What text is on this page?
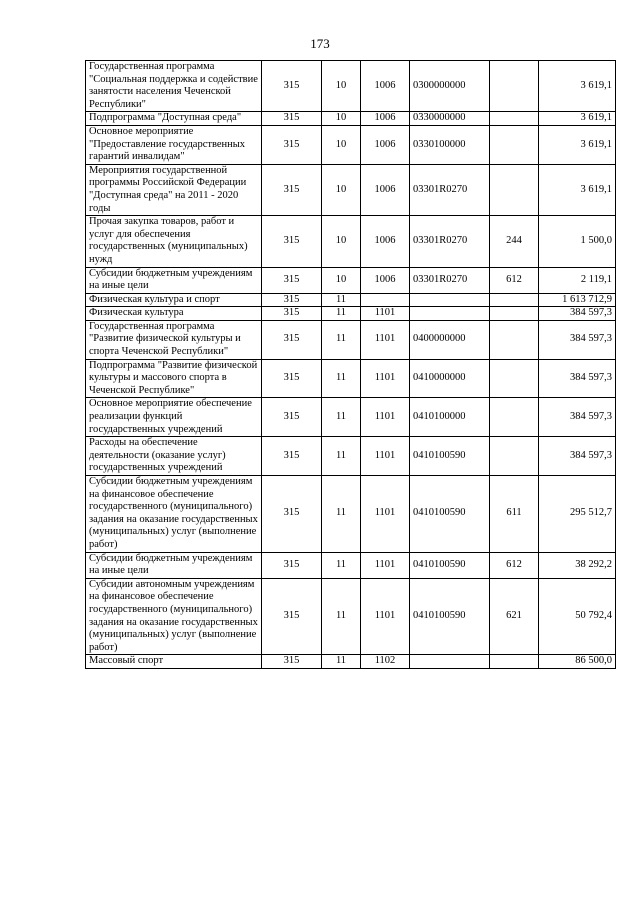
173
Государственная программа "Социальная поддержка и содействие занятости населения Чеченской Республики"	315	10	1006	0300000000		3 619,1
Подпрограмма "Доступная среда"	315	10	1006	0330000000		3 619,1
Основное мероприятие "Предоставление государственных гарантий инвалидам"	315	10	1006	0330100000		3 619,1
Мероприятия государственной программы Российской Федерации "Доступная среда" на 2011 - 2020 годы	315	10	1006	03301R0270		3 619,1
Прочая закупка товаров, работ и услуг для обеспечения государственных (муниципальных) нужд	315	10	1006	03301R0270	244	1 500,0
Субсидии бюджетным учреждениям на иные цели	315	10	1006	03301R0270	612	2 119,1
Физическая культура и спорт	315	11				1 613 712,9
Физическая культура	315	11	1101			384 597,3
Государственная программа "Развитие физической культуры и спорта Чеченской Республики"	315	11	1101	0400000000		384 597,3
Подпрограмма "Развитие физической культуры и массового спорта в Чеченской Республике"	315	11	1101	0410000000		384 597,3
Основное мероприятие обеспечение реализации функций государственных учреждений	315	11	1101	0410100000		384 597,3
Расходы на обеспечение деятельности (оказание услуг) государственных учреждений	315	11	1101	0410100590		384 597,3
Субсидии бюджетным учреждениям на финансовое обеспечение государственного (муниципального) задания на оказание государственных (муниципальных) услуг (выполнение работ)	315	11	1101	0410100590	611	295 512,7
Субсидии бюджетным учреждениям на иные цели	315	11	1101	0410100590	612	38 292,2
Субсидии автономным учреждениям на финансовое обеспечение государственного (муниципального) задания на оказание государственных (муниципальных) услуг (выполнение работ)	315	11	1101	0410100590	621	50 792,4
Массовый спорт	315	11	1102			86 500,0
